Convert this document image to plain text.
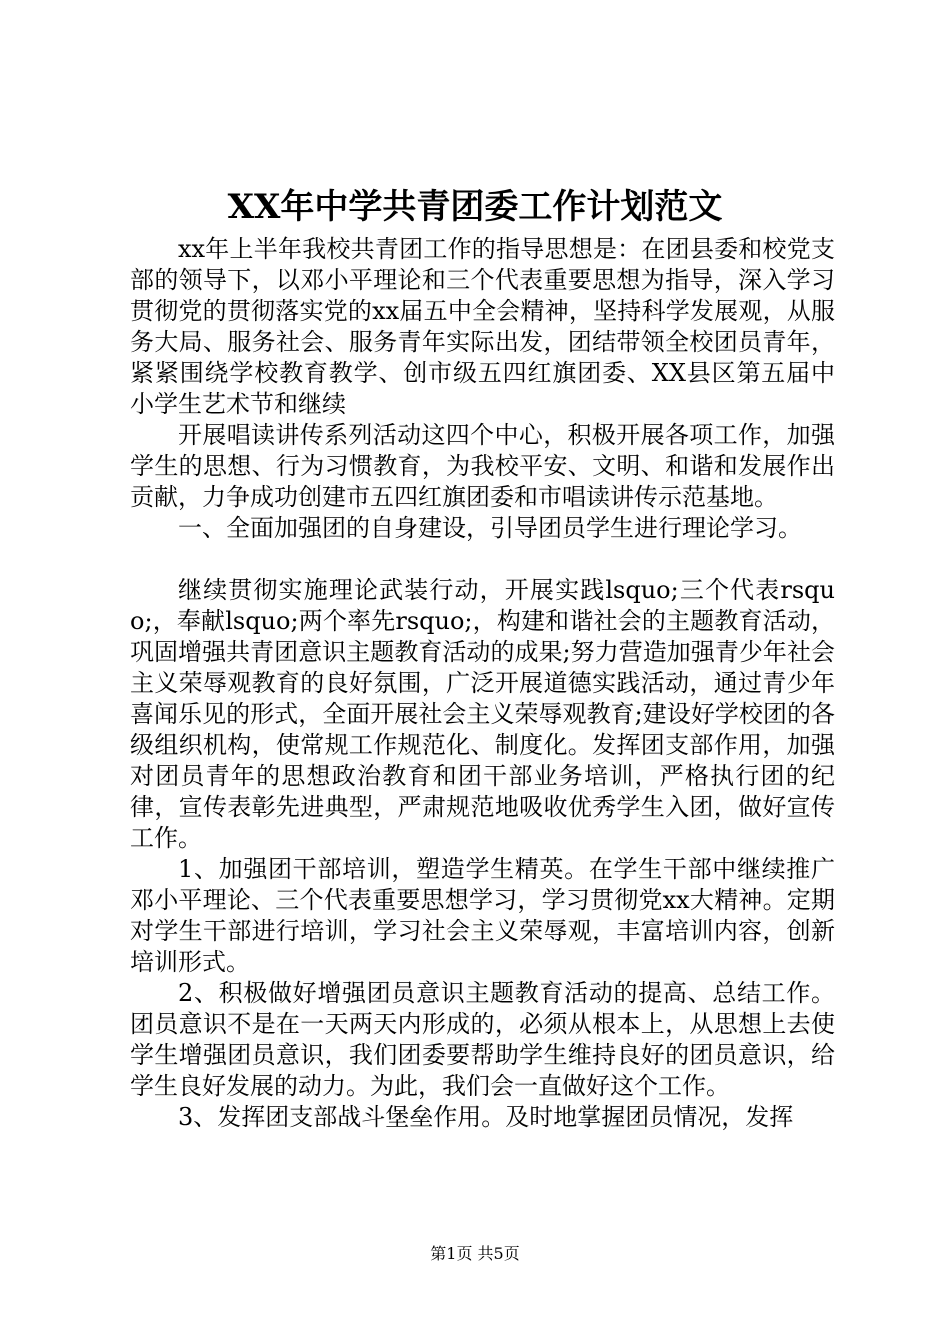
XX年中学共青团委工作计划范文

xx年上半年我校共青团工作的指导思想是：在团县委和校党支部的领导下，以邓小平理论和三个代表重要思想为指导，深入学习贯彻党的贯彻落实党的xx届五中全会精神，坚持科学发展观，从服务大局、服务社会、服务青年实际出发，团结带领全校团员青年，紧紧围绕学校教育教学、创市级五四红旗团委、XX县区第五届中小学生艺术节和继续

开展唱读讲传系列活动这四个中心，积极开展各项工作，加强学生的思想、行为习惯教育，为我校平安、文明、和谐和发展作出贡献，力争成功创建市五四红旗团委和市唱读讲传示范基地。

一、全面加强团的自身建设，引导团员学生进行理论学习。

继续贯彻实施理论武装行动，开展实践lsquo;三个代表rsquo;，奉献lsquo;两个率先rsquo;，构建和谐社会的主题教育活动，巩固增强共青团意识主题教育活动的成果;努力营造加强青少年社会主义荣辱观教育的良好氛围，广泛开展道德实践活动，通过青少年喜闻乐见的形式，全面开展社会主义荣辱观教育;建设好学校团的各级组织机构，使常规工作规范化、制度化。发挥团支部作用，加强对团员青年的思想政治教育和团干部业务培训，严格执行团的纪律，宣传表彰先进典型，严肃规范地吸收优秀学生入团，做好宣传工作。

1、加强团干部培训，塑造学生精英。在学生干部中继续推广邓小平理论、三个代表重要思想学习，学习贯彻党xx大精神。定期对学生干部进行培训，学习社会主义荣辱观，丰富培训内容，创新培训形式。

2、积极做好增强团员意识主题教育活动的提高、总结工作。团员意识不是在一天两天内形成的，必须从根本上，从思想上去使学生增强团员意识，我们团委要帮助学生维持良好的团员意识，给学生良好发展的动力。为此，我们会一直做好这个工作。

3、发挥团支部战斗堡垒作用。及时地掌握团员情况，发挥

第1页 共5页
